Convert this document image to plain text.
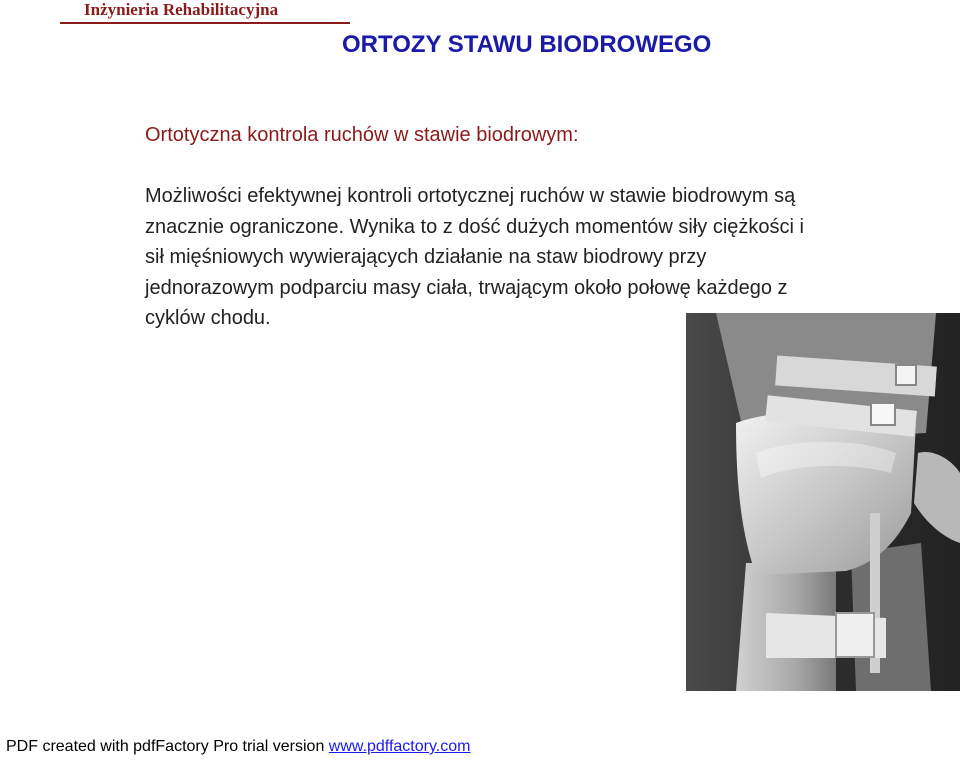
Inżynieria Rehabilitacyjna
ORTOZY STAWU BIODROWEGO
Ortotyczna kontrola ruchów w stawie biodrowym:

Możliwości efektywnej kontroli ortotycznej ruchów w stawie biodrowym są
znacznie ograniczone. Wynika to z dość dużych momentów siły ciężkości i
sił mięśniowych wywierających działanie na staw biodrowy przy
jednorazowym podparciu masy ciała, trwającym około połowę każdego z
cyklów chodu.

PDF created with pdfFactory Pro trial version www.pdffactory.com
